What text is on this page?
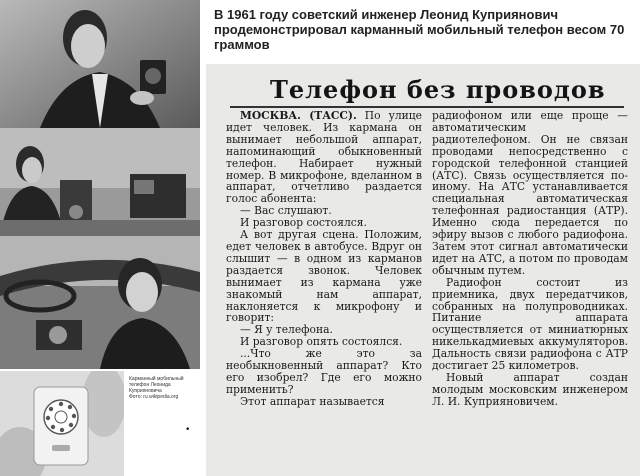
Карманный мобильный
телефон Леонида
Куприяновича
Фото: ru.wikipedia.org
•
В 1961 году советский инженер Леонид Куприянович продемонстрировал карманный мобильный телефон весом 70 граммов
Телефон без проводов

МОСКВА. (ТАСС). По улице идет человек. Из кармана он вынимает небольшой аппарат, напоминающий обыкновенный телефон. Набирает нужный номер. В микрофоне, вделанном в аппарат, отчетливо раздается голос абонента:

— Вас слушают.

И разговор состоялся.

А вот другая сцена. Положим, едет человек в автобусе. Вдруг он слышит — в одном из карманов раздается звонок. Человек вынимает из кармана уже знакомый нам аппарат, наклоняется к микрофону и говорит:

— Я у телефона.

И разговор опять состоялся.

...Что же это за необыкновенный аппарат? Кто его изобрел? Где его можно применить?

Этот аппарат называется

радиофоном или еще проще — автоматическим радиотелефоном. Он не связан проводами непосредственно с городской телефонной станцией (АТС). Связь осуществляется по-иному. На АТС устанавливается специальная автоматическая телефонная радиостанция (АТР). Именно сюда передается по эфиру вызов с любого радиофона. Затем этот сигнал автоматически идет на АТС, а потом по проводам обычным путем.

Радиофон состоит из приемника, двух передатчиков, собранных на полупроводниках. Питание аппарата осуществляется от миниатюрных никелькадмиевых аккумуляторов. Дальность связи радиофона с АТР достигает 25 километров.

Новый аппарат создан молодым московским инженером Л. И. Куприяновичем.
